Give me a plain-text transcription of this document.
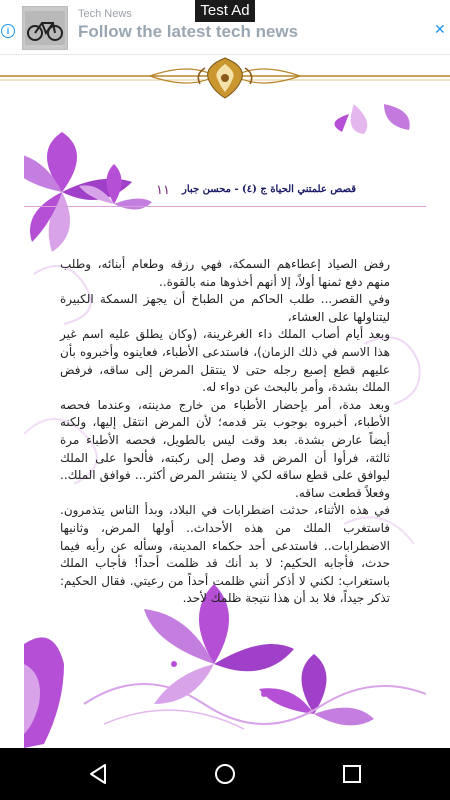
Tech News
Follow the latest tech news
Test Ad
i	✕
قصص علمتني الحياة ج (٤) - محسن جبار
١١

رفض الصياد إعطاءهم السمكة، فهي رزقه وطعام أبنائه، وطلب منهم دفع ثمنها أولاً، إلا أنهم أخذوها منه بالقوة..

وفي القصر... طلب الحاكم من الطباخ أن يجهز السمكة الكبيرة ليتناولها على العشاء،

وبعد أيام أصاب الملك داء الغرغرينة، (وكان يطلق عليه اسم غير هذا الاسم في ذلك الزمان)، فاستدعى الأطباء، فعاينوه وأخبروه بأن عليهم قطع إصبع رجله حتى لا ينتقل المرض إلى ساقه، فرفض الملك بشدة، وأمر بالبحث عن دواء له.

وبعد مدة، أمر بإحضار الأطباء من خارج مدينته، وعندما فحصه الأطباء، أخبروه بوجوب بتر قدمه؛ لأن المرض انتقل إليها، ولكنه أيضاً عارض بشدة. بعد وقت ليس بالطويل، فحصه الأطباء مرة ثالثة، فرأوا أن المرض قد وصل إلى ركبته، فألحوا على الملك ليوافق على قطع ساقه لكي لا ينتشر المرض أكثر... فوافق الملك.. وفعلاً قطعت ساقه.

في هذه الأثناء، حدثت اضطرابات في البلاد، وبدأ الناس يتذمرون. فاستغرب الملك من هذه الأحداث.. أولها المرض، وثانيها الاضطرابات.. فاستدعى أحد حكماء المدينة، وسأله عن رأيه فيما حدث، فأجابه الحكيم: لا بد أنك قد ظلمت أحداً! فأجاب الملك باستغراب: لكني لا أذكر أنني ظلمت أحداً من رعيتي. فقال الحكيم: تذكر جيداً، فلا بد أن هذا نتيجة ظلمك لأحد.
